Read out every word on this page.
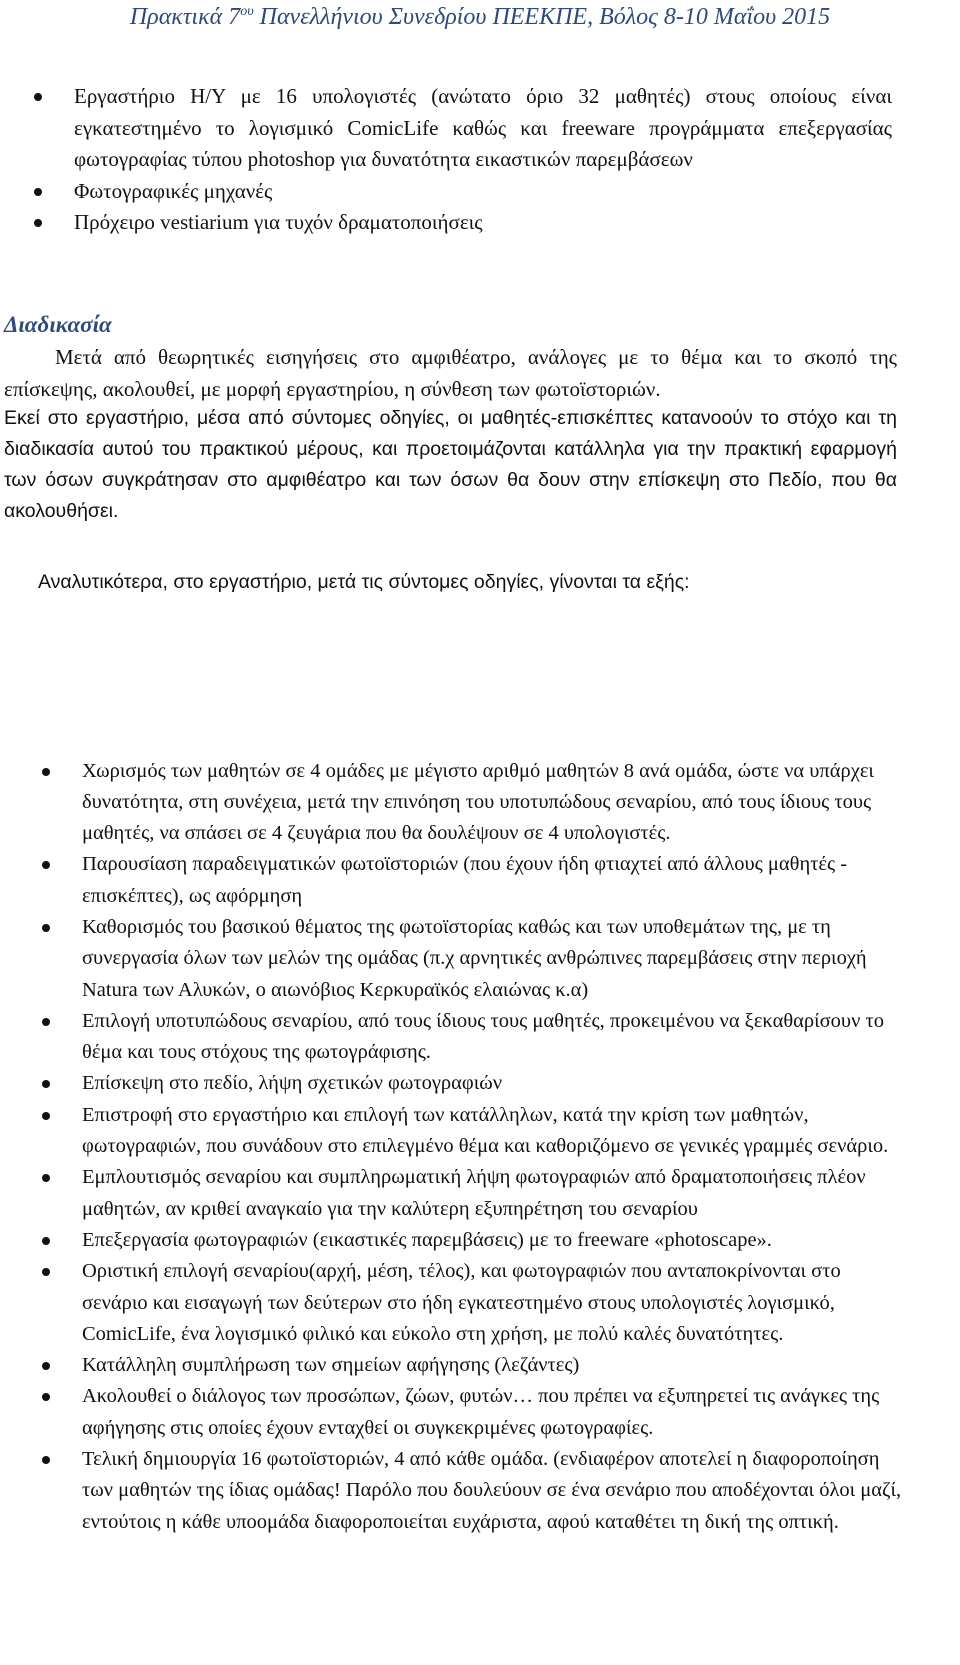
Πρακτικά $7^{o\upsilon}$ Πανελλήνιου Συνεδρίου ΠΕΕΚΠΕ, Βόλος 8-10 Μαΐου 2015
Εργαστήριο Η/Υ με 16 υπολογιστές (ανώτατο όριο 32 μαθητές) στους οποίους είναι εγκατεστημένο το λογισμικό ComicLife καθώς και freeware προγράμματα επεξεργασίας φωτογραφίας τύπου photoshop για δυνατότητα εικαστικών παρεμβάσεων
Φωτογραφικές μηχανές
Πρόχειρο vestiarium για τυχόν δραματοποιήσεις
Διαδικασία

Μετά από θεωρητικές εισηγήσεις στο αμφιθέατρο, ανάλογες με το θέμα και το σκοπό της επίσκεψης, ακολουθεί, με μορφή εργαστηρίου, η σύνθεση των φωτοϊστοριών.

Εκεί στο εργαστήριο, μέσα από σύντομες οδηγίες, οι μαθητές-επισκέπτες κατανοούν το στόχο και τη διαδικασία αυτού του πρακτικού μέρους, και προετοιμάζονται κατάλληλα για την πρακτική εφαρμογή των όσων συγκράτησαν στο αμφιθέατρο και των όσων θα δουν στην επίσκεψη στο Πεδίο, που θα ακολουθήσει.

Αναλυτικότερα, στο εργαστήριο, μετά τις σύντομες οδηγίες, γίνονται τα εξής:

Χωρισμός των μαθητών σε 4 ομάδες με μέγιστο αριθμό μαθητών 8 ανά ομάδα, ώστε να υπάρχει δυνατότητα, στη συνέχεια, μετά την επινόηση του υποτυπώδους σεναρίου, από τους ίδιους τους μαθητές, να σπάσει σε 4 ζευγάρια που θα δουλέψουν σε 4 υπολογιστές.
Παρουσίαση παραδειγματικών φωτοϊστοριών (που έχουν ήδη φτιαχτεί από άλλους μαθητές - επισκέπτες), ως αφόρμηση
Καθορισμός του βασικού θέματος της φωτοϊστορίας καθώς και των υποθεμάτων της, με τη συνεργασία όλων των μελών της ομάδας (π.χ αρνητικές ανθρώπινες παρεμβάσεις στην περιοχή Natura των Αλυκών, ο αιωνόβιος Κερκυραϊκός ελαιώνας κ.α)
Επιλογή υποτυπώδους σεναρίου, από τους ίδιους τους μαθητές, προκειμένου να ξεκαθαρίσουν το θέμα και τους στόχους της φωτογράφισης.
Επίσκεψη στο πεδίο, λήψη σχετικών φωτογραφιών
Επιστροφή στο εργαστήριο και επιλογή των κατάλληλων, κατά την κρίση των μαθητών, φωτογραφιών, που συνάδουν στο επιλεγμένο θέμα και καθοριζόμενο σε γενικές γραμμές σενάριο.
Εμπλουτισμός σεναρίου και συμπληρωματική λήψη φωτογραφιών από δραματοποιήσεις πλέον μαθητών, αν κριθεί αναγκαίο για την καλύτερη εξυπηρέτηση του σεναρίου
Επεξεργασία φωτογραφιών (εικαστικές παρεμβάσεις) με το freeware «photoscape».
Οριστική επιλογή σεναρίου(αρχή, μέση, τέλος), και φωτογραφιών που ανταποκρίνονται στο σενάριο και εισαγωγή των δεύτερων στο ήδη εγκατεστημένο στους υπολογιστές λογισμικό, ComicLife, ένα λογισμικό φιλικό και εύκολο στη χρήση, με πολύ καλές δυνατότητες.
Κατάλληλη συμπλήρωση των σημείων αφήγησης (λεζάντες)
Ακολουθεί ο διάλογος των προσώπων, ζώων, φυτών… που πρέπει να εξυπηρετεί τις ανάγκες της αφήγησης στις οποίες έχουν ενταχθεί οι συγκεκριμένες φωτογραφίες.
Τελική δημιουργία 16 φωτοϊστοριών, 4 από κάθε ομάδα. (ενδιαφέρον αποτελεί η διαφοροποίηση των μαθητών της ίδιας ομάδας! Παρόλο που δουλεύουν σε ένα σενάριο που αποδέχονται όλοι μαζί, εντούτοις η κάθε υποομάδα διαφοροποιείται ευχάριστα, αφού καταθέτει τη δική της οπτική.
